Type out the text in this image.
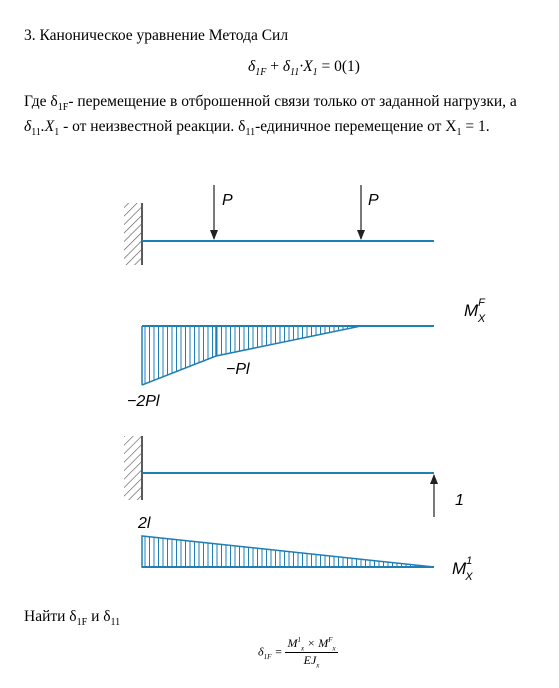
3. Каноническое уравнение Метода Сил
$\delta_{1F} + \delta_{11}\cdot X_1 = 0(1)$
Где $\delta_{1F}-$ перемещение в отброшенной связи только от заданной нагрузки, а
$\delta_{11}.X_1$ - от неизвестной реакции. $\delta_{11}$-единичное перемещение от $X_1 = 1$.
P	P
$M^F$ X
−Pl
−2Pl
1
2l
$M^1$ X
Найти $\delta_{1F}$ и $\delta_{11}$
$\delta_{1F} = \frac{M^1_x \times M^F_x}{EJ_x}$
